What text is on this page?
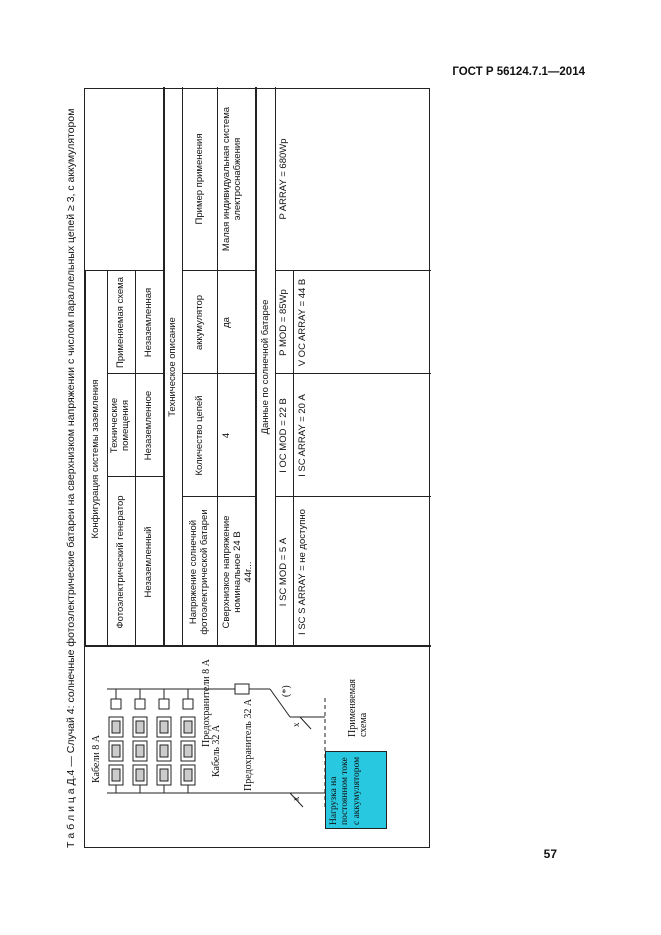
ГОСТ Р 56124.7.1—2014
Т а б л и ц а Д.4 — Случай 4: солнечные фотоэлектрические батареи на сверхнизком напряжении с числом параллельных цепей ≥ 3, с аккумулятором	x
x
Кабели 8 А
Предохранители 8 А
Кабель 32 А Предохранитель 32 А
(*)
Нагрузка на постоянном токе с аккумулятором
Применяемая схема
Конфигурация системы заземления
Фотоэлектрический генератор
Технические помещения
Применяемая схема
Незаземленный
Незаземленное
Незаземленная	Техническое описание
Напряжение солнечной фотоэлектрической батареи
Количество цепей
аккумулятор
Пример применения
Сверхнизкое напряжение номинальное 24 В
44r...
4
да
Малая индивидуальная система электроснабжения
Данные по солнечной батарее
I SC MOD = 5 А
I OC MOD = 22 В
P MOD = 85Wp
I SC S ARRAY = не доступно
I SC ARRAY = 20 А
V OC ARRAY = 44 В
P ARRAY = 680Wp
57
